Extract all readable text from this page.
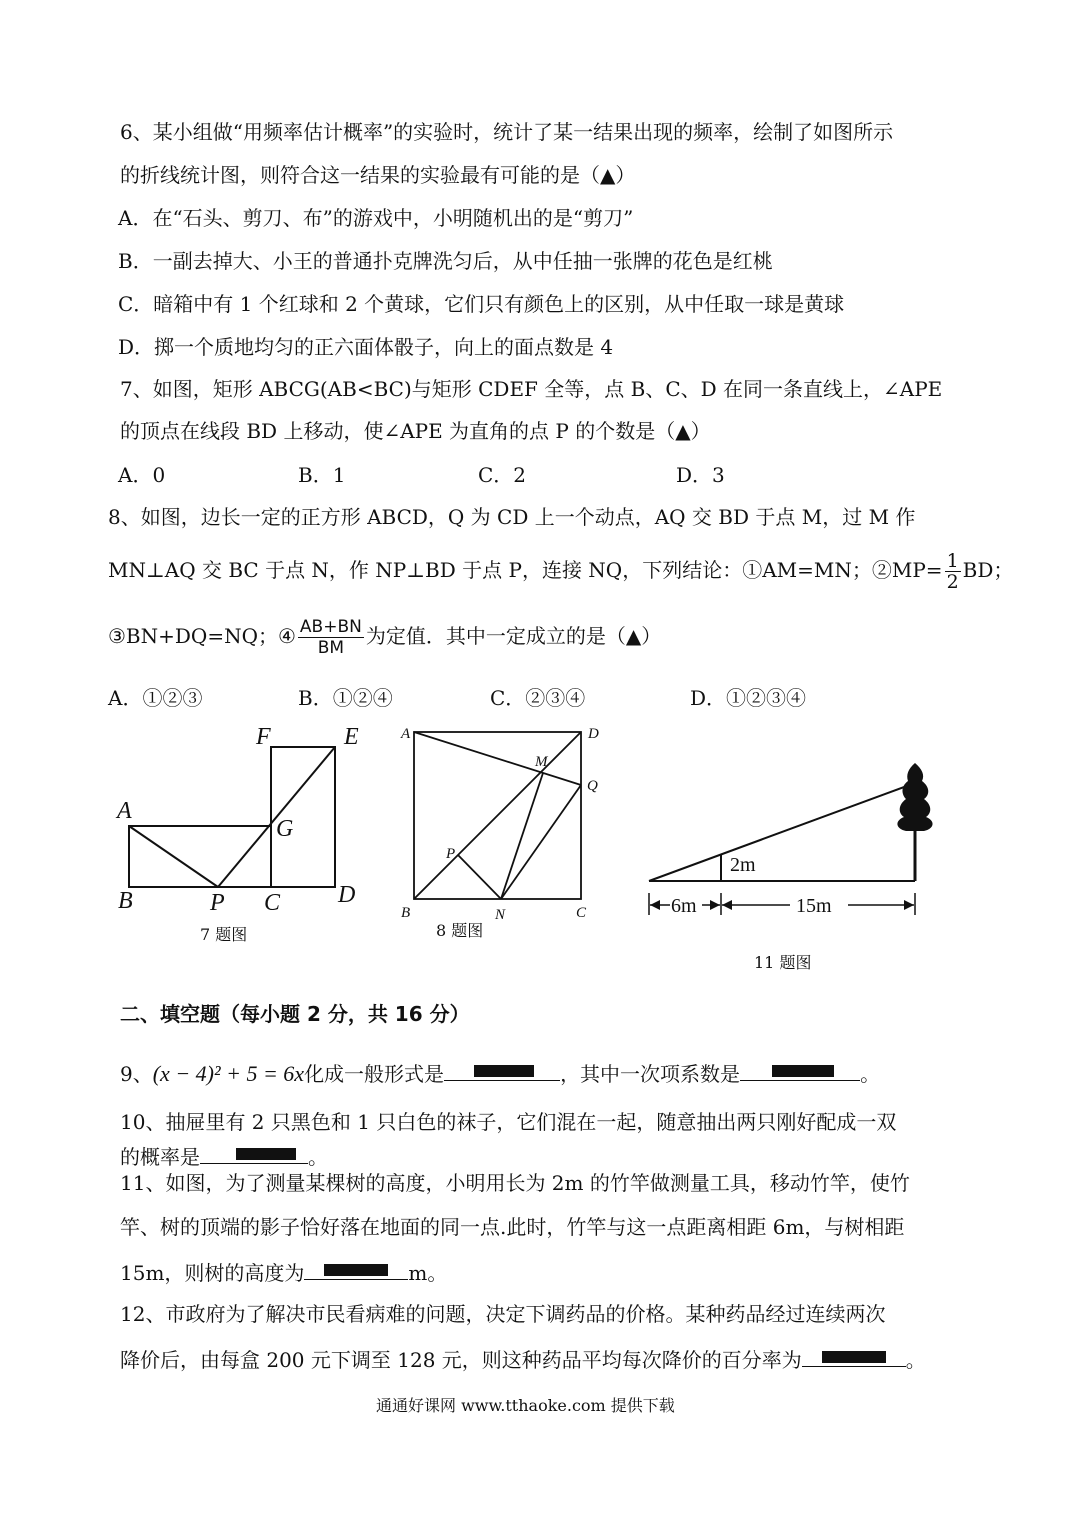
6、某小组做“用频率估计概率”的实验时，统计了某一结果出现的频率，绘制了如图所示
的折线统计图，则符合这一结果的实验最有可能的是（▲）
A．在“石头、剪刀、布”的游戏中，小明随机出的是“剪刀”
B．一副去掉大、小王的普通扑克牌洗匀后，从中任抽一张牌的花色是红桃
C．暗箱中有 1 个红球和 2 个黄球，它们只有颜色上的区别，从中任取一球是黄球
D．掷一个质地均匀的正六面体骰子，向上的面点数是 4
7、如图，矩形 ABCG(AB<BC)与矩形 CDEF 全等，点 B、C、D 在同一条直线上，∠APE
的顶点在线段 BD 上移动，使∠APE 为直角的点 P 的个数是（▲）
A．0	B．1	C．2	D．3
8、如图，边长一定的正方形 ABCD，Q 为 CD 上一个动点，AQ 交 BD 于点 M，过 M 作
MN⊥AQ 交 BC 于点 N，作 NP⊥BD 于点 P，连接 NQ，下列结论：①AM=MN；②MP= $\frac{1}{2}$ BD；
③BN+DQ=NQ；④ $\frac{AB+BN}{BM}$ 为定值．其中一定成立的是（▲）
A．①②③	B．①②④	C．②③④	D．①②③④
A
B	P C D
G
F	E
7 题图
A	D
M
Q
P
B	N	C
8 题图
2m
6m	15m
11 题图
二、填空题（每小题 2 分，共 16 分）
9、(x − 4)² + 5 = 6x化成一般形式是	，其中一次项系数是	。
10、抽屉里有 2 只黑色和 1 只白色的袜子，它们混在一起，随意抽出两只刚好配成一双
的概率是	。
11、如图，为了测量某棵树的高度，小明用长为 2m 的竹竿做测量工具，移动竹竿，使竹
竿、树的顶端的影子恰好落在地面的同一点.此时，竹竿与这一点距离相距 6m，与树相距
15m，则树的高度为	m。
12、市政府为了解决市民看病难的问题，决定下调药品的价格。某种药品经过连续两次
降价后，由每盒 200 元下调至 128 元，则这种药品平均每次降价的百分率为	。
通通好课网 www.tthaoke.com 提供下载
